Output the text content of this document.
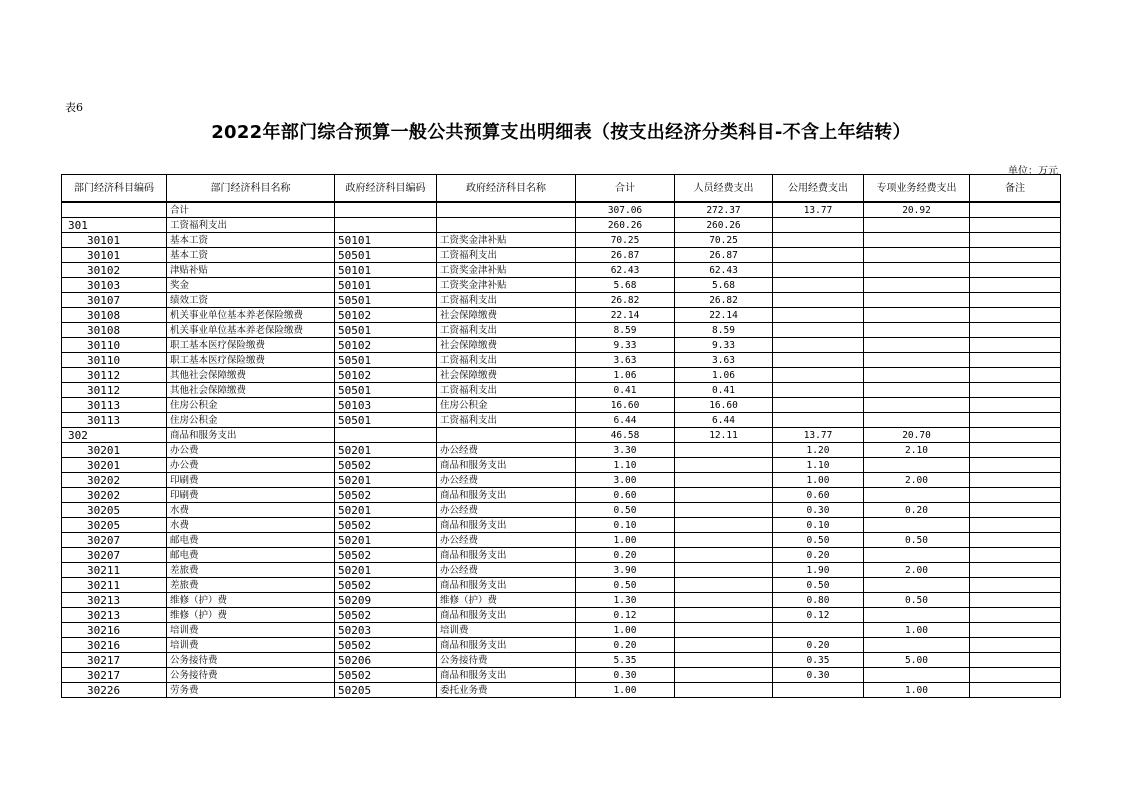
表6
2022年部门综合预算一般公共预算支出明细表（按支出经济分类科目-不含上年结转）
单位：万元
部门经济科目编码	部门经济科目名称	政府经济科目编码	政府经济科目名称	合计	人员经费支出	公用经费支出	专项业务经费支出	备注
	合计			307.06	272.37	13.77	20.92	
301	工资福利支出			260.26	260.26			
30101	基本工资	50101	工资奖金津补贴	70.25	70.25			
30101	基本工资	50501	工资福利支出	26.87	26.87			
30102	津贴补贴	50101	工资奖金津补贴	62.43	62.43			
30103	奖金	50101	工资奖金津补贴	5.68	5.68			
30107	绩效工资	50501	工资福利支出	26.82	26.82			
30108	机关事业单位基本养老保险缴费	50102	社会保障缴费	22.14	22.14			
30108	机关事业单位基本养老保险缴费	50501	工资福利支出	8.59	8.59			
30110	职工基本医疗保险缴费	50102	社会保障缴费	9.33	9.33			
30110	职工基本医疗保险缴费	50501	工资福利支出	3.63	3.63			
30112	其他社会保障缴费	50102	社会保障缴费	1.06	1.06			
30112	其他社会保障缴费	50501	工资福利支出	0.41	0.41			
30113	住房公积金	50103	住房公积金	16.60	16.60			
30113	住房公积金	50501	工资福利支出	6.44	6.44			
302	商品和服务支出			46.58	12.11	13.77	20.70	
30201	办公费	50201	办公经费	3.30		1.20	2.10	
30201	办公费	50502	商品和服务支出	1.10		1.10		
30202	印刷费	50201	办公经费	3.00		1.00	2.00	
30202	印刷费	50502	商品和服务支出	0.60		0.60		
30205	水费	50201	办公经费	0.50		0.30	0.20	
30205	水费	50502	商品和服务支出	0.10		0.10		
30207	邮电费	50201	办公经费	1.00		0.50	0.50	
30207	邮电费	50502	商品和服务支出	0.20		0.20		
30211	差旅费	50201	办公经费	3.90		1.90	2.00	
30211	差旅费	50502	商品和服务支出	0.50		0.50		
30213	维修（护）费	50209	维修（护）费	1.30		0.80	0.50	
30213	维修（护）费	50502	商品和服务支出	0.12		0.12		
30216	培训费	50203	培训费	1.00			1.00	
30216	培训费	50502	商品和服务支出	0.20		0.20		
30217	公务接待费	50206	公务接待费	5.35		0.35	5.00	
30217	公务接待费	50502	商品和服务支出	0.30		0.30		
30226	劳务费	50205	委托业务费	1.00			1.00	
